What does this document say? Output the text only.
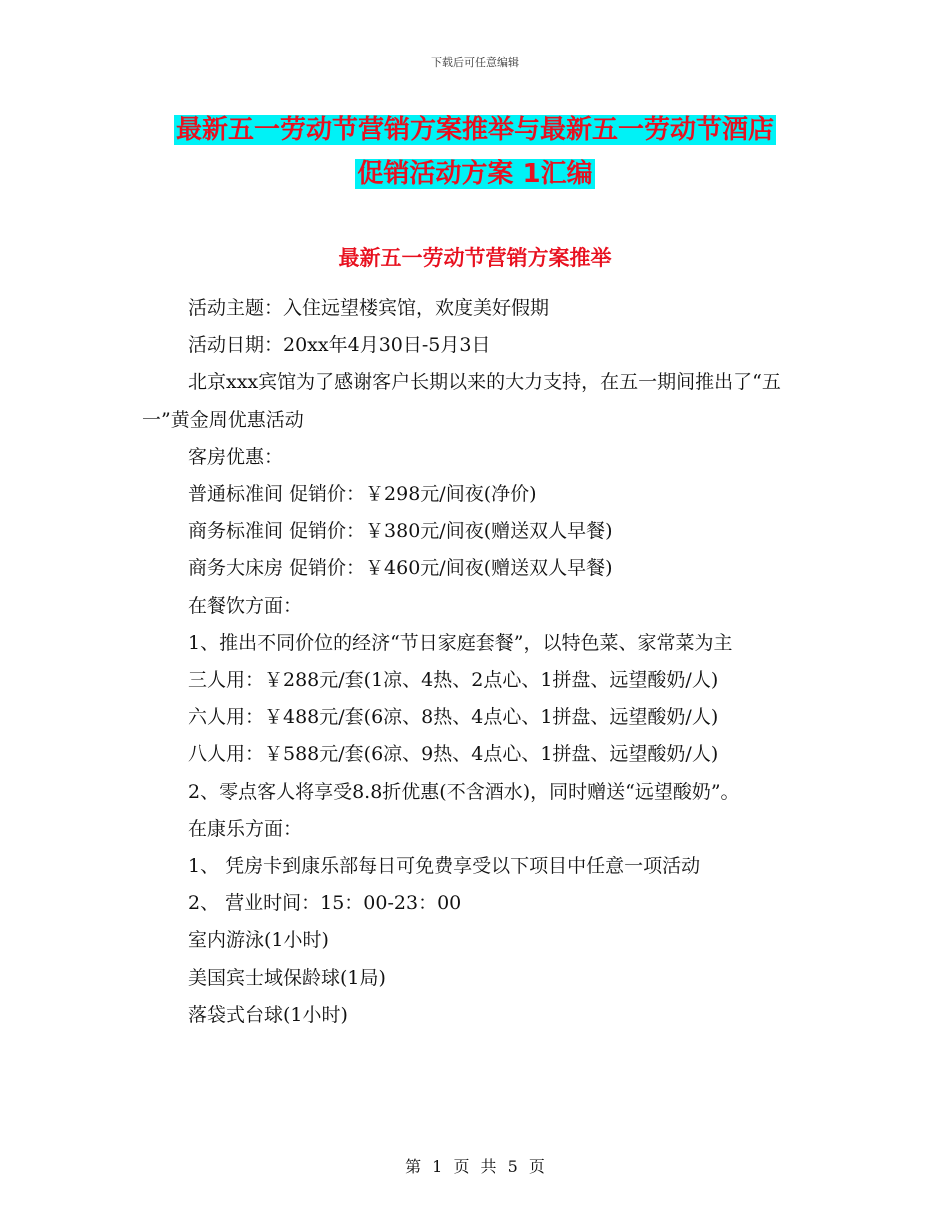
下载后可任意编辑
最新五一劳动节营销方案推举与最新五一劳动节酒店
促销活动方案 1汇编
最新五一劳动节营销方案推举

活动主题：入住远望楼宾馆，欢度美好假期

活动日期：20xx年4月30日-5月3日

北京xxx宾馆为了感谢客户长期以来的大力支持，在五一期间推出了“五一”黄金周优惠活动

客房优惠：

普通标准间 促销价：￥298元/间夜(净价)

商务标准间 促销价：￥380元/间夜(赠送双人早餐)

商务大床房 促销价：￥460元/间夜(赠送双人早餐)

在餐饮方面：

1、推出不同价位的经济“节日家庭套餐”，以特色菜、家常菜为主

三人用：￥288元/套(1凉、4热、2点心、1拼盘、远望酸奶/人)

六人用：￥488元/套(6凉、8热、4点心、1拼盘、远望酸奶/人)

八人用：￥588元/套(6凉、9热、4点心、1拼盘、远望酸奶/人)

2、零点客人将享受8.8折优惠(不含酒水)，同时赠送“远望酸奶”。

在康乐方面：

1、 凭房卡到康乐部每日可免费享受以下项目中任意一项活动

2、 营业时间：15：00-23：00

室内游泳(1小时)

美国宾士域保龄球(1局)

落袋式台球(1小时)

第 1 页 共 5 页
